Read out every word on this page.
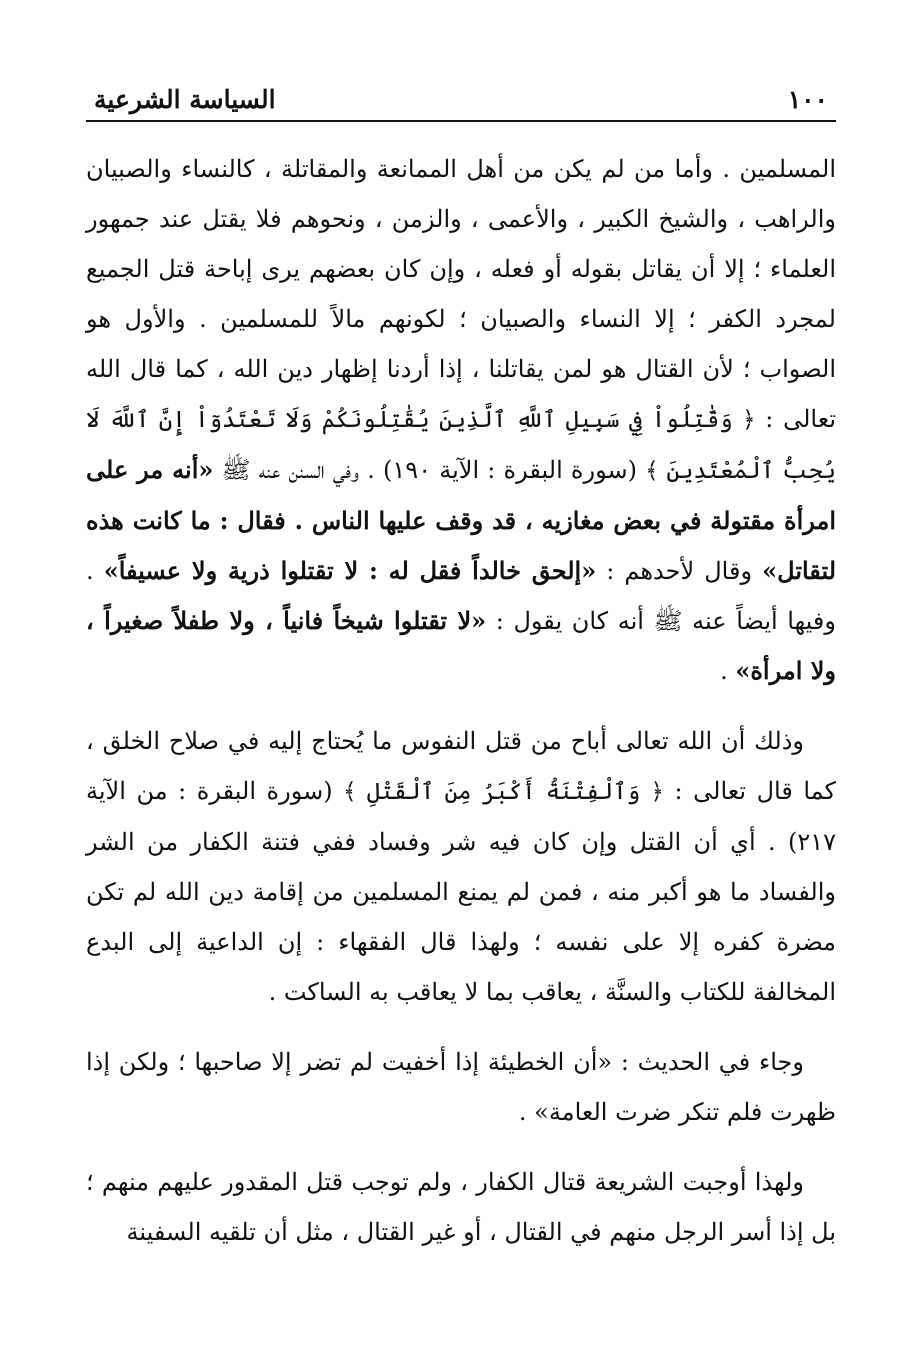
١٠٠
السياسة الشرعية

المسلمين . وأما من لم يكن من أهل الممانعة والمقاتلة ، كالنساء والصبيان والراهب ، والشيخ الكبير ، والأعمى ، والزمن ، ونحوهم فلا يقتل عند جمهور العلماء ؛ إلا أن يقاتل بقوله أو فعله ، وإن كان بعضهم يرى إباحة قتل الجميع لمجرد الكفر ؛ إلا النساء والصبيان ؛ لكونهم مالاً للمسلمين . والأول هو الصواب ؛ لأن القتال هو لمن يقاتلنا ، إذا أردنا إظهار دين الله ، كما قال الله تعالى : ﴿ وَقَٰتِلُواْ فِي سَبِيلِ ٱللَّهِ ٱلَّذِينَ يُقَٰتِلُونَكُمْ وَلَا تَعْتَدُوٓاْ إِنَّ ٱللَّهَ لَا يُحِبُّ ٱلْمُعْتَدِينَ ﴾ (سورة البقرة : الآية ١٩٠) . وفي السنن عنه ﷺ «أنه مر على امرأة مقتولة في بعض مغازيه ، قد وقف عليها الناس . فقال : ما كانت هذه لتقاتل» وقال لأحدهم : «إلحق خالداً فقل له : لا تقتلوا ذرية ولا عسيفاً» . وفيها أيضاً عنه ﷺ أنه كان يقول : «لا تقتلوا شيخاً فانياً ، ولا طفلاً صغيراً ، ولا امرأة» .

وذلك أن الله تعالى أباح من قتل النفوس ما يُحتاج إليه في صلاح الخلق ، كما قال تعالى : ﴿ وَٱلْفِتْنَةُ أَكْبَرُ مِنَ ٱلْقَتْلِ ﴾ (سورة البقرة : من الآية ٢١٧) . أي أن القتل وإن كان فيه شر وفساد ففي فتنة الكفار من الشر والفساد ما هو أكبر منه ، فمن لم يمنع المسلمين من إقامة دين الله لم تكن مضرة كفره إلا على نفسه ؛ ولهذا قال الفقهاء : إن الداعية إلى البدع المخالفة للكتاب والسنَّة ، يعاقب بما لا يعاقب به الساكت .

وجاء في الحديث : «أن الخطيئة إذا أخفيت لم تضر إلا صاحبها ؛ ولكن إذا ظهرت فلم تنكر ضرت العامة» .

ولهذا أوجبت الشريعة قتال الكفار ، ولم توجب قتل المقدور عليهم منهم ؛ بل إذا أسر الرجل منهم في القتال ، أو غير القتال ، مثل أن تلقيه السفينة
